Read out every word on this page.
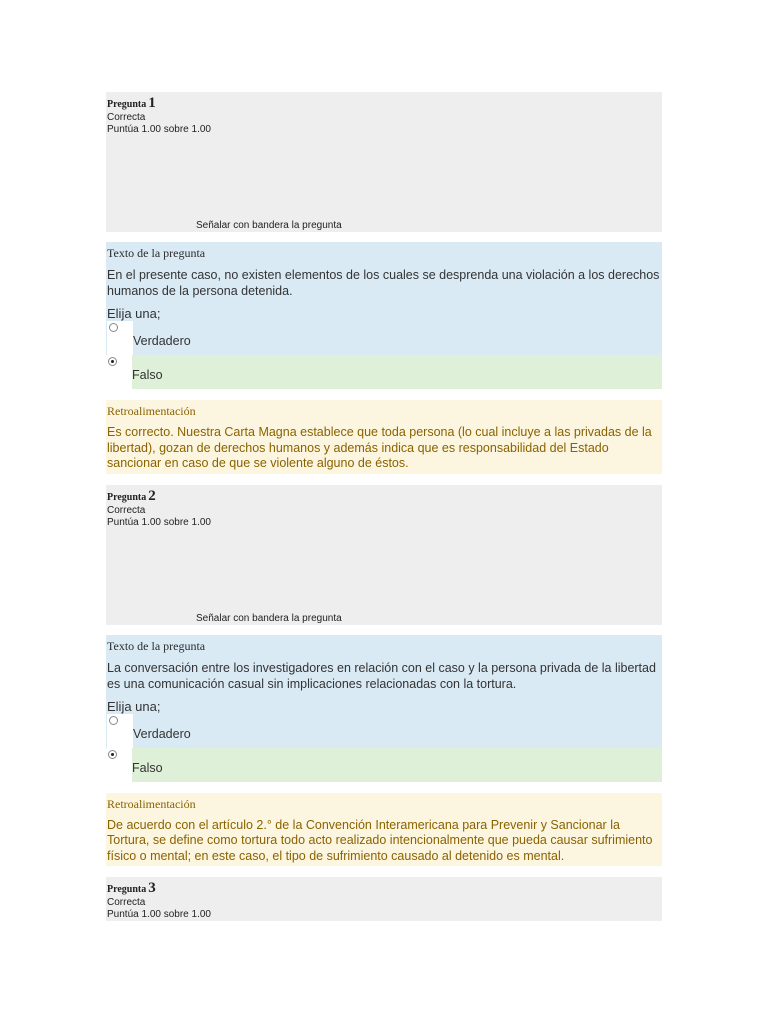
Pregunta 1
Correcta
Puntúa 1.00 sobre 1.00
Señalar con bandera la pregunta
Texto de la pregunta
En el presente caso, no existen elementos de los cuales se desprenda una violación a los derechos humanos de la persona detenida.
Elija una;
Verdadero
Falso
Retroalimentación
Es correcto. Nuestra Carta Magna establece que toda persona (lo cual incluye a las privadas de la libertad), gozan de derechos humanos y además indica que es responsabilidad del Estado sancionar en caso de que se violente alguno de éstos.
Pregunta 2
Correcta
Puntúa 1.00 sobre 1.00
Señalar con bandera la pregunta
Texto de la pregunta
La conversación entre los investigadores en relación con el caso y la persona privada de la libertad es una comunicación casual sin implicaciones relacionadas con la tortura.
Elija una;
Verdadero
Falso
Retroalimentación
De acuerdo con el artículo 2.° de la Convención Interamericana para Prevenir y Sancionar la Tortura, se define como tortura todo acto realizado intencionalmente que pueda causar sufrimiento físico o mental; en este caso, el tipo de sufrimiento causado al detenido es mental.
Pregunta 3
Correcta
Puntúa 1.00 sobre 1.00
